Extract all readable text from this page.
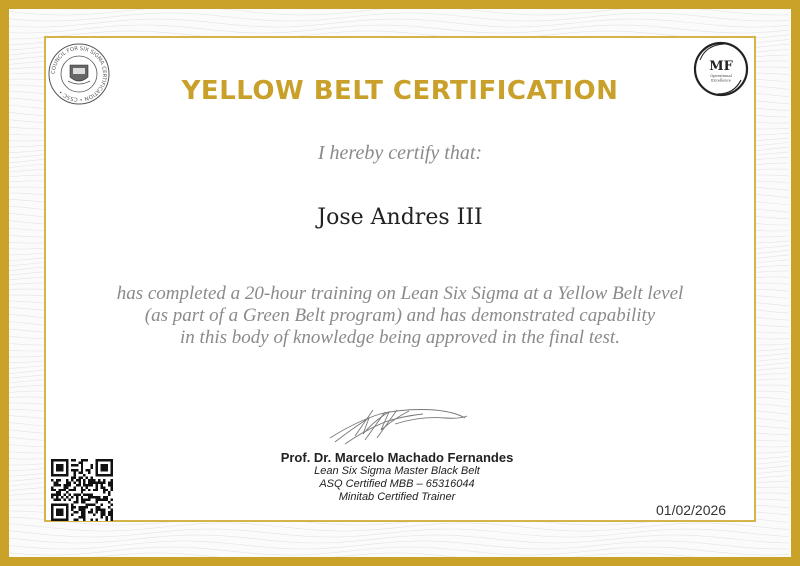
COUNCIL FOR SIX SIGMA CERTIFICATION • CSSC •
MF
Operational
Excellence
YELLOW BELT CERTIFICATION
I hereby certify that:
Jose Andres III
has completed a 20-hour training on Lean Six Sigma at a Yellow Belt level
(as part of a Green Belt program) and has demonstrated capability
in this body of knowledge being approved in the final test.
Prof. Dr. Marcelo Machado Fernandes
Lean Six Sigma Master Black Belt
ASQ Certified MBB – 65316044
Minitab Certified Trainer
01/02/2026
